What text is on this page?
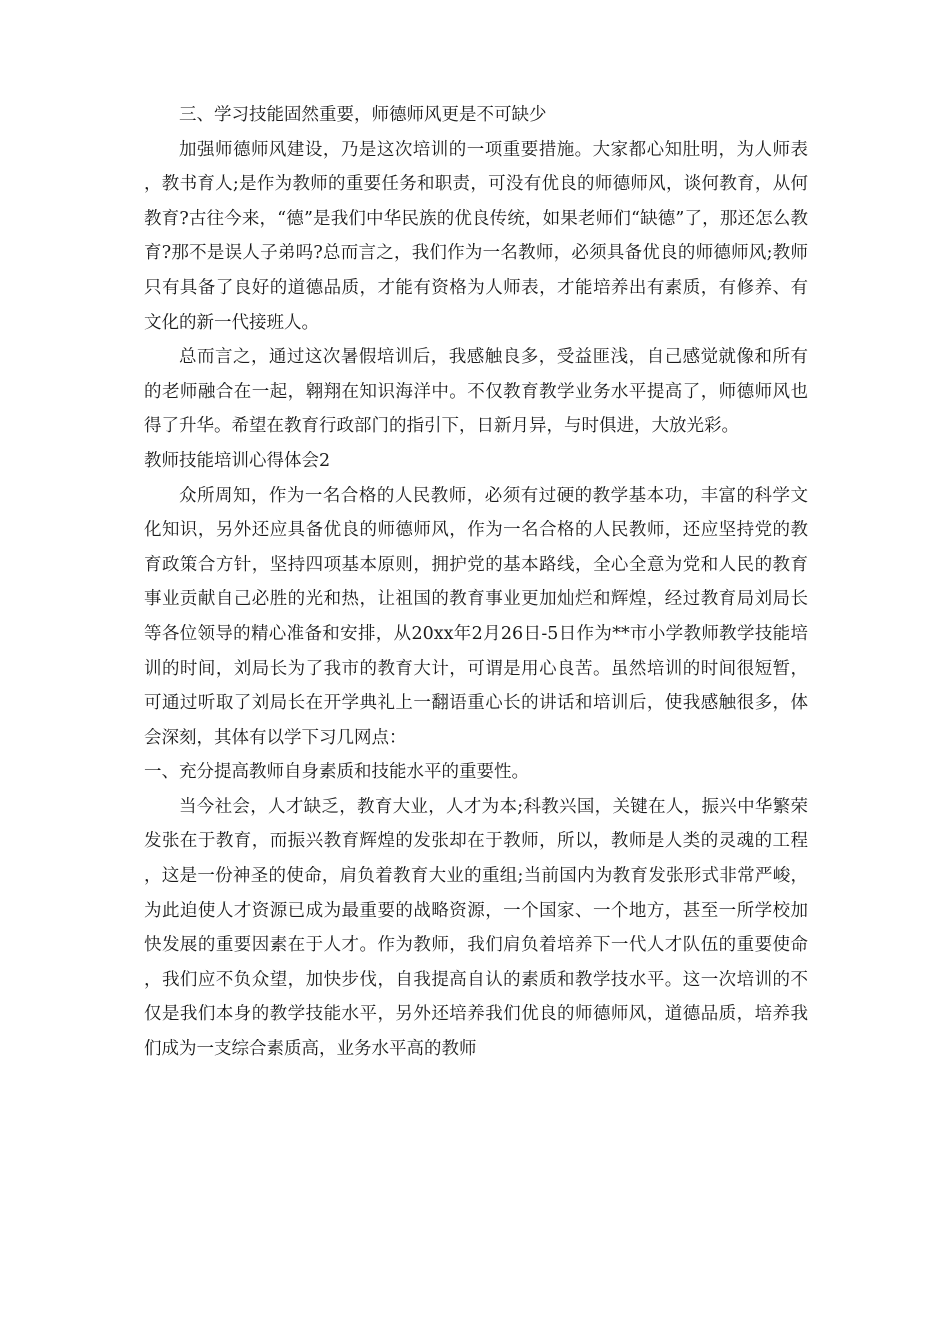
三、学习技能固然重要，师德师风更是不可缺少

加强师德师风建设，乃是这次培训的一项重要措施。大家都心知肚明，为人师表，教书育人;是作为教师的重要任务和职责，可没有优良的师德师风，谈何教育，从何教育?古往今来，“德”是我们中华民族的优良传统，如果老师们“缺德”了，那还怎么教育?那不是误人子弟吗?总而言之，我们作为一名教师，必须具备优良的师德师风;教师只有具备了良好的道德品质，才能有资格为人师表，才能培养出有素质，有修养、有文化的新一代接班人。

总而言之，通过这次暑假培训后，我感触良多，受益匪浅，自己感觉就像和所有的老师融合在一起，翱翔在知识海洋中。不仅教育教学业务水平提高了，师德师风也得了升华。希望在教育行政部门的指引下，日新月异，与时俱进，大放光彩。

教师技能培训心得体会2

众所周知，作为一名合格的人民教师，必须有过硬的教学基本功，丰富的科学文化知识，另外还应具备优良的师德师风，作为一名合格的人民教师，还应坚持党的教育政策合方针，坚持四项基本原则，拥护党的基本路线，全心全意为党和人民的教育事业贡献自己必胜的光和热，让祖国的教育事业更加灿烂和辉煌，经过教育局刘局长等各位领导的精心准备和安排，从20xx年2月26日-5日作为**市小学教师教学技能培训的时间，刘局长为了我市的教育大计，可谓是用心良苦。虽然培训的时间很短暂，可通过听取了刘局长在开学典礼上一翻语重心长的讲话和培训后，使我感触很多，体会深刻，其体有以学下习几网点：

一、充分提高教师自身素质和技能水平的重要性。

当今社会，人才缺乏，教育大业，人才为本;科教兴国，关键在人，振兴中华繁荣发张在于教育，而振兴教育辉煌的发张却在于教师，所以，教师是人类的灵魂的工程，这是一份神圣的使命，肩负着教育大业的重组;当前国内为教育发张形式非常严峻，为此迫使人才资源已成为最重要的战略资源，一个国家、一个地方，甚至一所学校加快发展的重要因素在于人才。作为教师，我们肩负着培养下一代人才队伍的重要使命，我们应不负众望，加快步伐，自我提高自认的素质和教学技水平。这一次培训的不仅是我们本身的教学技能水平，另外还培养我们优良的师德师风，道德品质，培养我们成为一支综合素质高，业务水平高的教师
